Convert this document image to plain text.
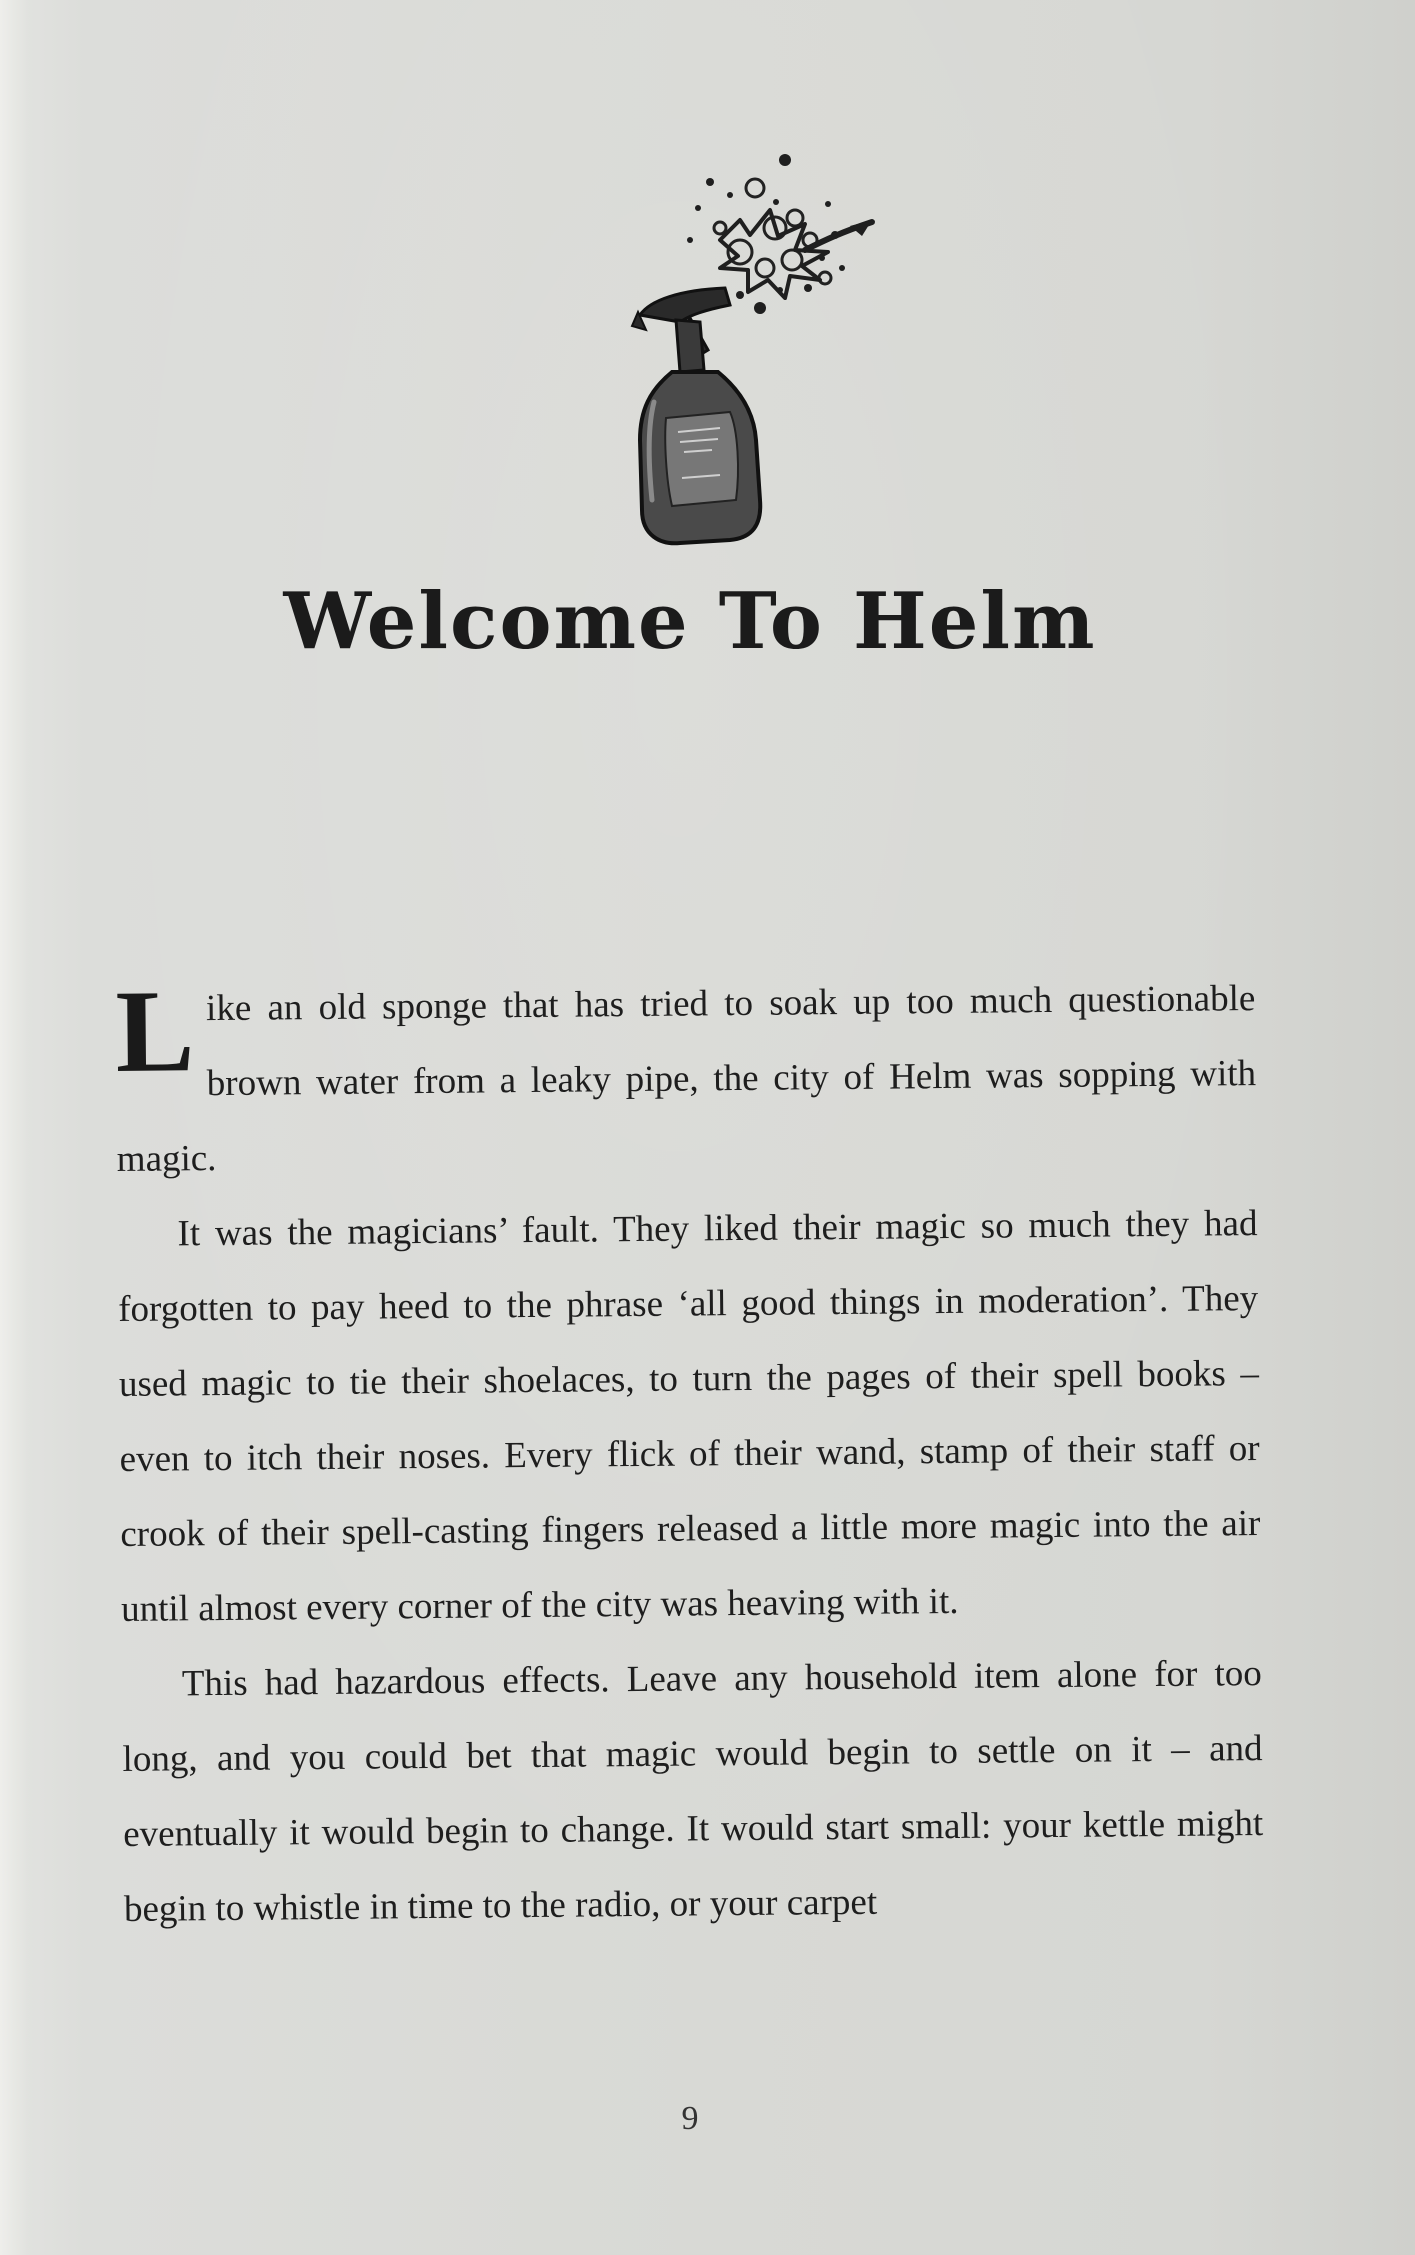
Welcome To Helm

Like an old sponge that has tried to soak up too much questionable brown water from a leaky pipe, the city of Helm was sopping with magic.

It was the magicians’ fault. They liked their magic so much they had forgotten to pay heed to the phrase ‘all good things in moderation’. They used magic to tie their shoelaces, to turn the pages of their spell books – even to itch their noses. Every flick of their wand, stamp of their staff or crook of their spell-casting fingers released a little more magic into the air until almost every corner of the city was heaving with it.

This had hazardous effects. Leave any household item alone for too long, and you could bet that magic would begin to settle on it – and eventually it would begin to change. It would start small: your kettle might begin to whistle in time to the radio, or your carpet

9
